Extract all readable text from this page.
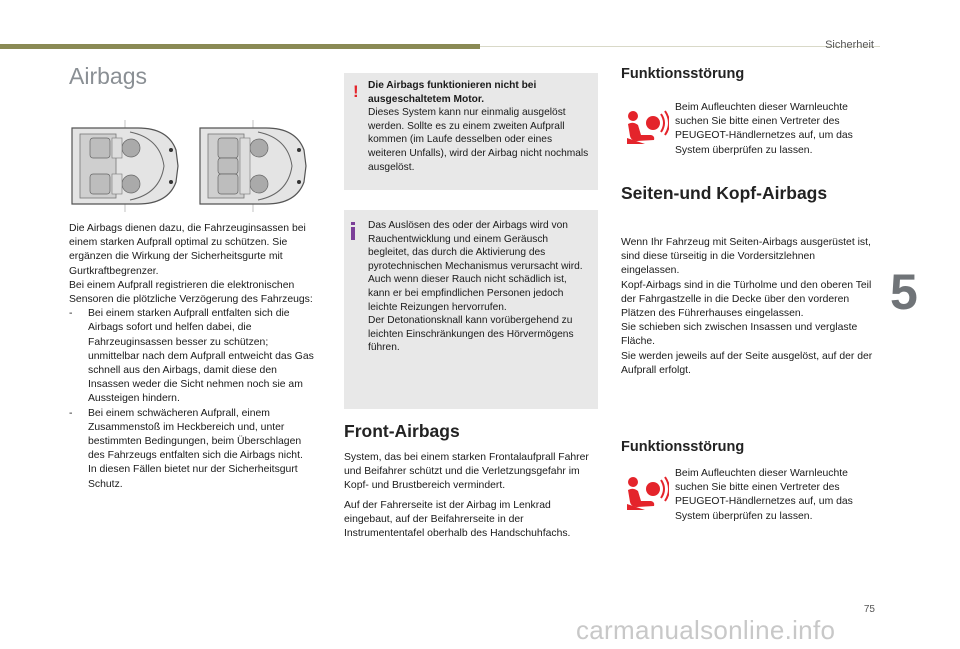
Sicherheit
Airbags

Die Airbags dienen dazu, die Fahrzeuginsassen bei einem starken Aufprall optimal zu schützen. Sie ergänzen die Wirkung der Sicherheitsgurte mit Gurtkraftbegrenzer.

Bei einem Aufprall registrieren die elektronischen Sensoren die plötzliche Verzögerung des Fahrzeugs:

- Bei einem starken Aufprall entfalten sich die Airbags sofort und helfen dabei, die Fahrzeuginsassen besser zu schützen; unmittelbar nach dem Aufprall entweicht das Gas schnell aus den Airbags, damit diese den Insassen weder die Sicht nehmen noch sie am Aussteigen hindern.
- Bei einem schwächeren Aufprall, einem Zusammenstoß im Heckbereich und, unter bestimmten Bedingungen, beim Überschlagen des Fahrzeugs entfalten sich die Airbags nicht. In diesen Fällen bietet nur der Sicherheitsgurt Schutz.
! Die Airbags funktionieren nicht bei ausgeschaltetem Motor.
Dieses System kann nur einmalig ausgelöst werden. Sollte es zu einem zweiten Aufprall kommen (im Laufe desselben oder eines weiteren Unfalls), wird der Airbag nicht nochmals ausgelöst.
Das Auslösen des oder der Airbags wird von Rauchentwicklung und einem Geräusch begleitet, das durch die Aktivierung des pyrotechnischen Mechanismus verursacht wird.
Auch wenn dieser Rauch nicht schädlich ist, kann er bei empfindlichen Personen jedoch leichte Reizungen hervorrufen.
Der Detonationsknall kann vorübergehend zu leichten Einschränkungen des Hörvermögens führen.
Front-Airbags

System, das bei einem starken Frontalaufprall Fahrer und Beifahrer schützt und die Verletzungsgefahr im Kopf- und Brustbereich vermindert.

Auf der Fahrerseite ist der Airbag im Lenkrad eingebaut, auf der Beifahrerseite in der Instrumententafel oberhalb des Handschuhfachs.

Funktionsstörung
Beim Aufleuchten dieser Warnleuchte suchen Sie bitte einen Vertreter des PEUGEOT-Händlernetzes auf, um das System überprüfen zu lassen.
Seiten-und Kopf-Airbags

Wenn Ihr Fahrzeug mit Seiten-Airbags ausgerüstet ist, sind diese türseitig in die Vordersitzlehnen eingelassen.

Kopf-Airbags sind in die Türholme und den oberen Teil der Fahrgastzelle in die Decke über den vorderen Plätzen des Führerhauses eingelassen.

Sie schieben sich zwischen Insassen und verglaste Fläche.

Sie werden jeweils auf der Seite ausgelöst, auf der der Aufprall erfolgt.

Funktionsstörung
Beim Aufleuchten dieser Warnleuchte suchen Sie bitte einen Vertreter des PEUGEOT-Händlernetzes auf, um das System überprüfen zu lassen.
5
75
carmanualsonline.info
